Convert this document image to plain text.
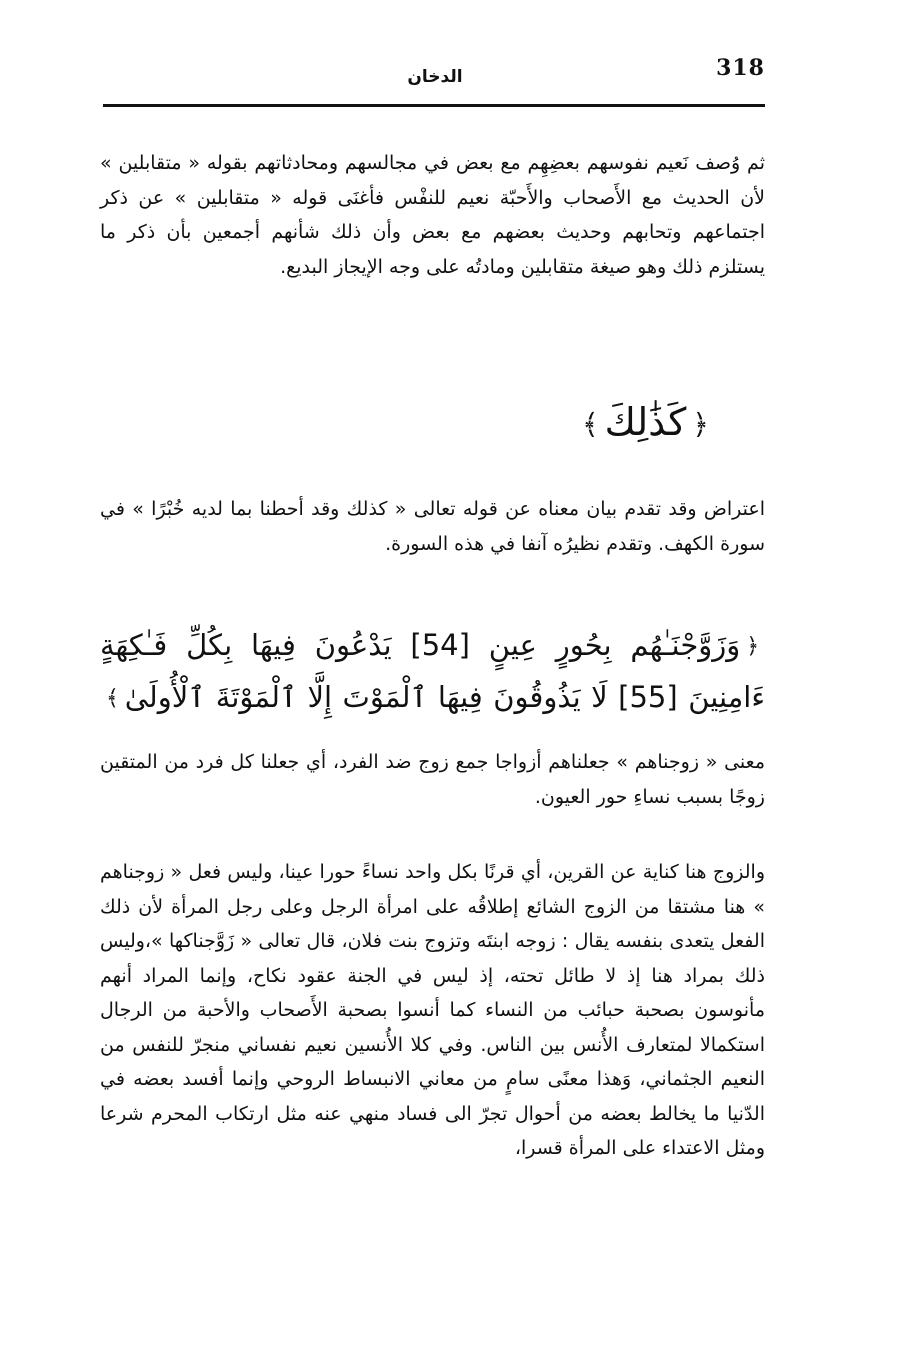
318
الدخان

ثم وُصف نَعيم نفوسهم بعضِهِم مع بعض في مجالسهم ومحادثاتهم بقوله « متقابلين » لأن الحديث مع الأَصحاب والأَحبّة نعيم للنفْس فأغنَى قوله « متقابلين » عن ذكر اجتماعهم وتحابهم وحديث بعضهم مع بعض وأن ذلك شأنهم أجمعين بأن ذكر ما يستلزم ذلك وهو صيغة متقابلين ومادتُه على وجه الإيجاز البديع.

﴿كَذَٰلِكَ﴾

اعتراض وقد تقدم بيان معناه عن قوله تعالى « كذلك وقد أحطنا بما لديه خُبْرًا » في سورة الكهف. وتقدم نظيرُه آنفا في هذه السورة.

﴿وَزَوَّجْنَـٰهُم بِحُورٍ عِينٍ [54] يَدْعُونَ فِيهَا بِكُلِّ فَـٰكِهَةٍ ءَامِنِينَ [55] لَا يَذُوقُونَ فِيهَا ٱلْمَوْتَ إِلَّا ٱلْمَوْتَةَ ٱلْأُولَىٰ﴾

معنى « زوجناهم » جعلناهم أزواجا جمع زوج ضد الفرد، أي جعلنا كل فرد من المتقين زوجًا بسبب نساءِ حور العيون.

والزوج هنا كناية عن القرين، أي قرنًا بكل واحد نساءً حورا عينا، وليس فعل « زوجناهم » هنا مشتقا من الزوج الشائع إطلاقُه على امرأة الرجل وعلى رجل المرأة لأن ذلك الفعل يتعدى بنفسه يقال : زوجه ابنتَه وتزوج بنت فلان، قال تعالى « زَوَّجناكها »،وليس ذلك بمراد هنا إذ لا طائل تحته، إذ ليس في الجنة عقود نكاح، وإنما المراد أنهم مأنوسون بصحبة حبائب من النساء كما أنسوا بصحبة الأَصحاب والأحبة من الرجال استكمالا لمتعارف الأُنس بين الناس. وفي كلا الأُنسين نعيم نفساني منجرّ للنفس من النعيم الجثماني، وَهذا معنًى سامٍ من معاني الانبساط الروحي وإنما أفسد بعضه في الدّنيا ما يخالط بعضه من أحوال تجرّ الى فساد منهي عنه مثل ارتكاب المحرم شرعا ومثل الاعتداء على المرأة قسرا،
